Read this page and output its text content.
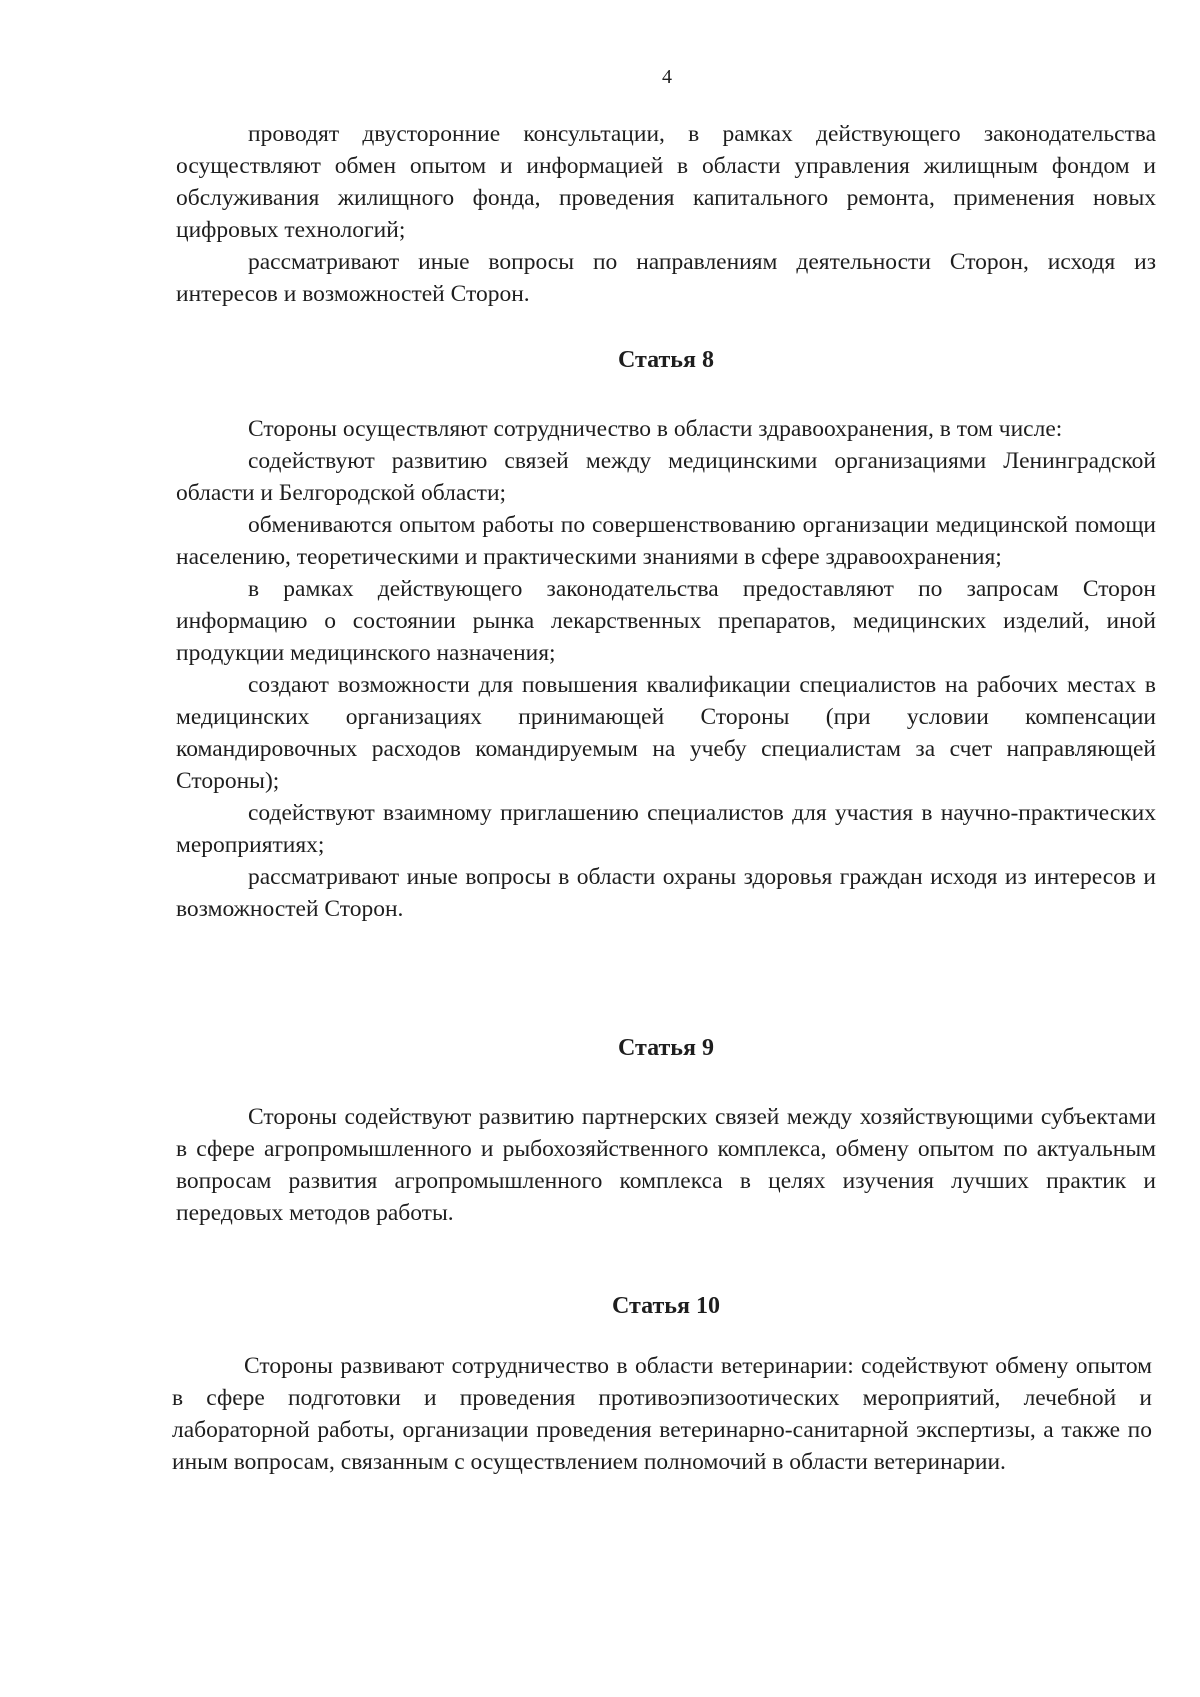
4

проводят двусторонние консультации, в рамках действующего законодательства осуществляют обмен опытом и информацией в области управления жилищным фондом и обслуживания жилищного фонда, проведения капитального ремонта, применения новых цифровых технологий;

рассматривают иные вопросы по направлениям деятельности Сторон, исходя из интересов и возможностей Сторон.

Статья 8

Стороны осуществляют сотрудничество в области здравоохранения, в том числе:

содействуют развитию связей между медицинскими организациями Ленинградской области и Белгородской области;

обмениваются опытом работы по совершенствованию организации медицинской помощи населению, теоретическими и практическими знаниями в сфере здравоохранения;

в рамках действующего законодательства предоставляют по запросам Сторон информацию о состоянии рынка лекарственных препаратов, медицинских изделий, иной продукции медицинского назначения;

создают возможности для повышения квалификации специалистов на рабочих местах в медицинских организациях принимающей Стороны (при условии компенсации командировочных расходов командируемым на учебу специалистам за счет направляющей Стороны);

содействуют взаимному приглашению специалистов для участия в научно-практических мероприятиях;

рассматривают иные вопросы в области охраны здоровья граждан исходя из интересов и возможностей Сторон.

Статья 9

Стороны содействуют развитию партнерских связей между хозяйствующими субъектами в сфере агропромышленного и рыбохозяйственного комплекса, обмену опытом по актуальным вопросам развития агропромышленного комплекса в целях изучения лучших практик и передовых методов работы.

Статья 10

Стороны развивают сотрудничество в области ветеринарии: содействуют обмену опытом в сфере подготовки и проведения противоэпизоотических мероприятий, лечебной и лабораторной работы, организации проведения ветеринарно-санитарной экспертизы, а также по иным вопросам, связанным с осуществлением полномочий в области ветеринарии.
